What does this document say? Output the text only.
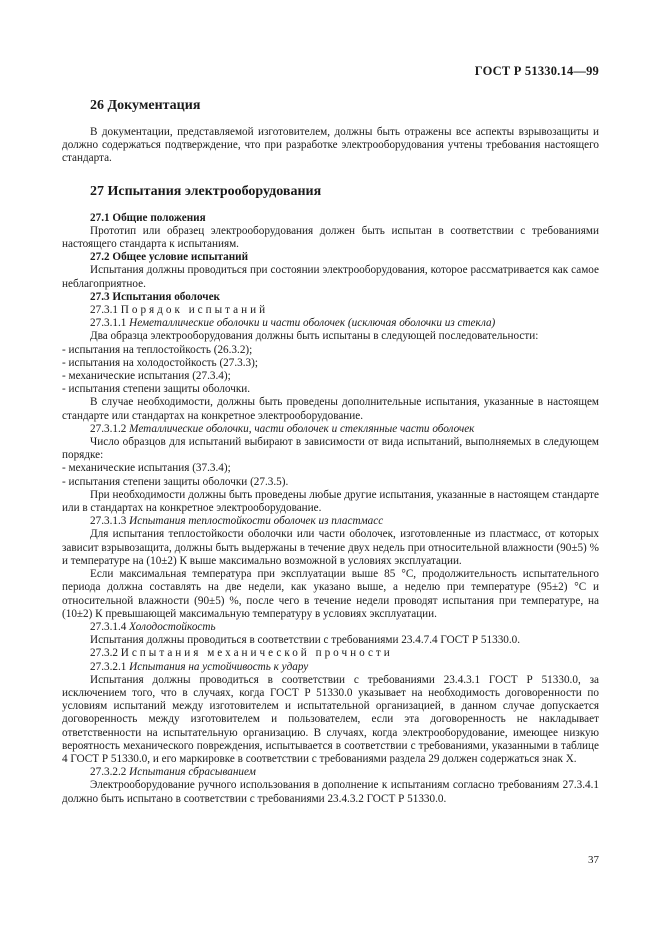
ГОСТ Р 51330.14—99
26 Документация

В документации, представляемой изготовителем, должны быть отражены все аспекты взрывозащиты и должно содержаться подтверждение, что при разработке электрооборудования учтены требования настоящего стандарта.

27 Испытания электрооборудования

27.1 Общие положения

Прототип или образец электрооборудования должен быть испытан в соответствии с требованиями настоящего стандарта к испытаниям.

27.2 Общее условие испытаний

Испытания должны проводиться при состоянии электрооборудования, которое рассматривается как самое неблагоприятное.

27.3 Испытания оболочек

27.3.1 Порядок испытаний

27.3.1.1 Неметаллические оболочки и части оболочек (исключая оболочки из стекла)

Два образца электрооборудования должны быть испытаны в следующей последовательности:

- испытания на теплостойкость (26.3.2);

- испытания на холодостойкость (27.3.3);

- механические испытания (27.3.4);

- испытания степени защиты оболочки.

В случае необходимости, должны быть проведены дополнительные испытания, указанные в настоящем стандарте или стандартах на конкретное электрооборудование.

27.3.1.2 Металлические оболочки, части оболочек и стеклянные части оболочек

Число образцов для испытаний выбирают в зависимости от вида испытаний, выполняемых в следующем порядке:

- механические испытания (37.3.4);

- испытания степени защиты оболочки (27.3.5).

При необходимости должны быть проведены любые другие испытания, указанные в настоящем стандарте или в стандартах на конкретное электрооборудование.

27.3.1.3 Испытания теплостойкости оболочек из пластмасс

Для испытания теплостойкости оболочки или части оболочек, изготовленные из пластмасс, от которых зависит взрывозащита, должны быть выдержаны в течение двух недель при относительной влажности (90±5) % и температуре на (10±2) К выше максимально возможной в условиях эксплуатации.

Если максимальная температура при эксплуатации выше 85 °С, продолжительность испытательного периода должна составлять на две недели, как указано выше, а неделю при температуре (95±2) °С и относительной влажности (90±5) %, после чего в течение недели проводят испытания при температуре, на (10±2) К превышающей максимальную температуру в условиях эксплуатации.

27.3.1.4 Холодостойкость

Испытания должны проводиться в соответствии с требованиями 23.4.7.4 ГОСТ Р 51330.0.

27.3.2 Испытания механической прочности

27.3.2.1 Испытания на устойчивость к удару

Испытания должны проводиться в соответствии с требованиями 23.4.3.1 ГОСТ Р 51330.0, за исключением того, что в случаях, когда ГОСТ Р 51330.0 указывает на необходимость договоренности по условиям испытаний между изготовителем и испытательной организацией, в данном случае допускается договоренность между изготовителем и пользователем, если эта договоренность не накладывает ответственности на испытательную организацию. В случаях, когда электрооборудование, имеющее низкую вероятность механического повреждения, испытывается в соответствии с требованиями, указанными в таблице 4 ГОСТ Р 51330.0, и его маркировке в соответствии с требованиями раздела 29 должен содержаться знак X.

27.3.2.2 Испытания сбрасыванием

Электрооборудование ручного использования в дополнение к испытаниям согласно требованиям 27.3.4.1 должно быть испытано в соответствии с требованиями 23.4.3.2 ГОСТ Р 51330.0.

37
